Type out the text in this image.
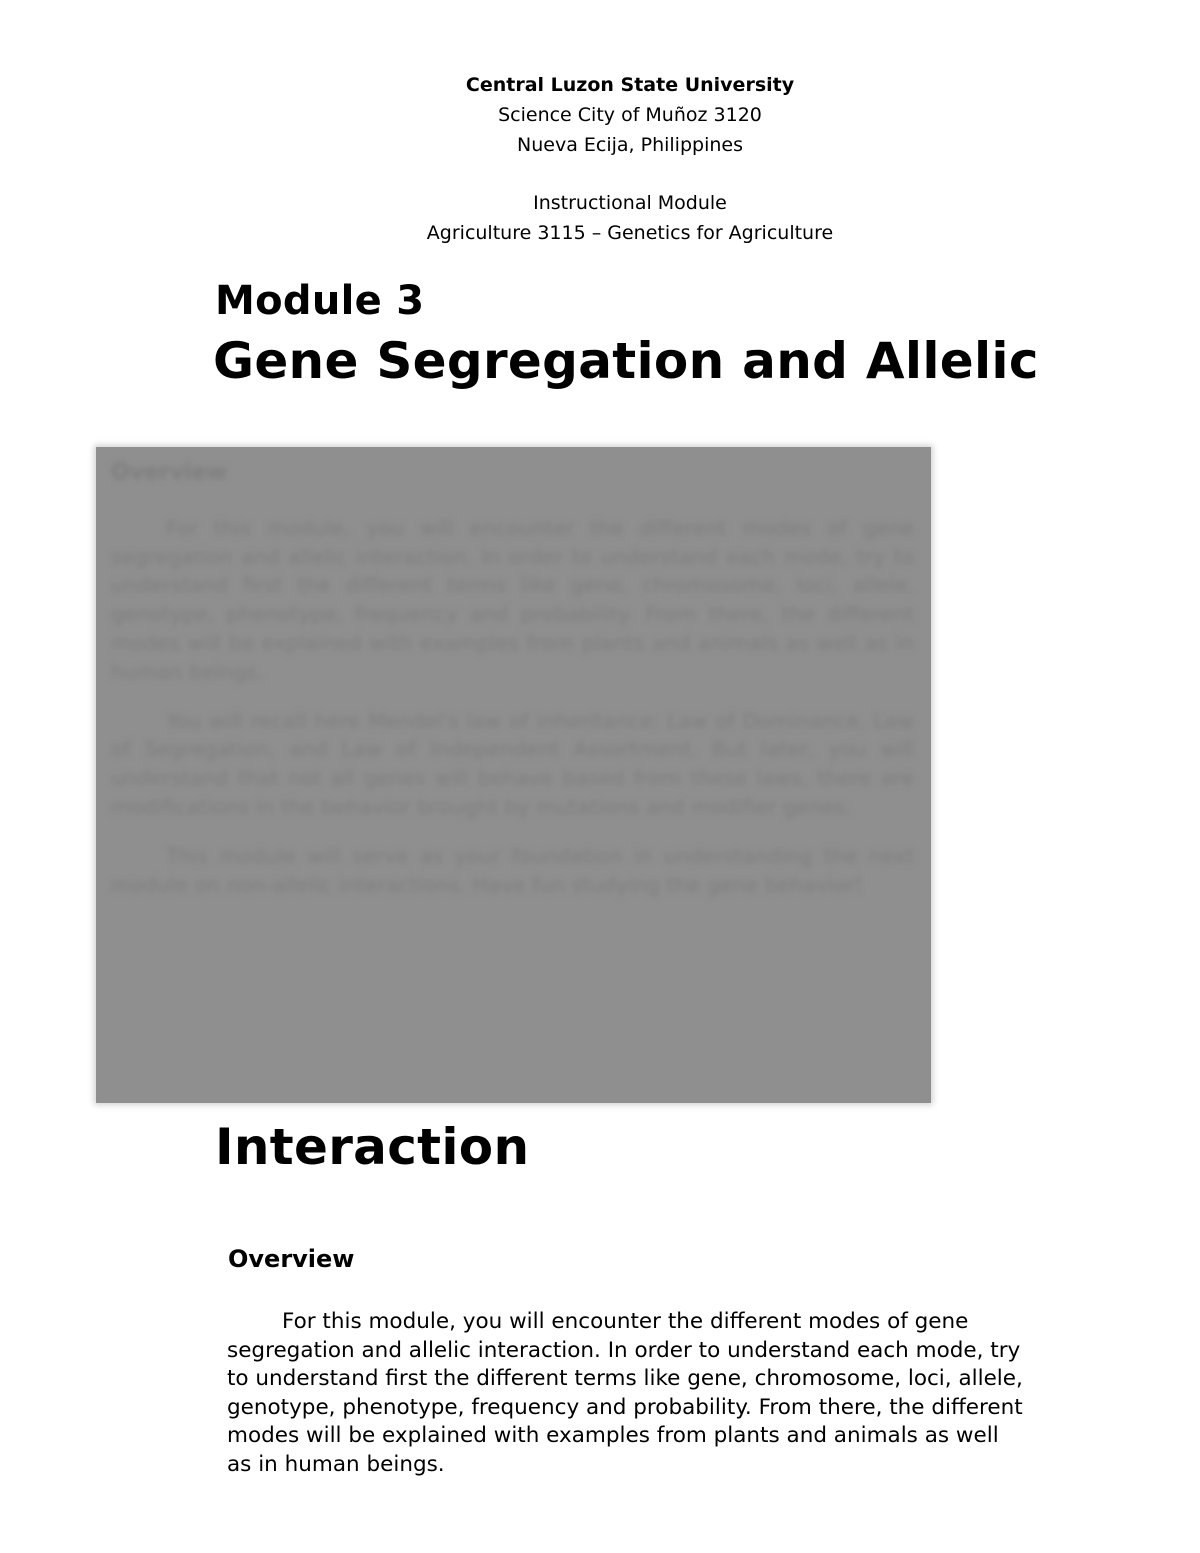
Central Luzon State University
Science City of Muñoz 3120
Nueva Ecija, Philippines
Instructional Module
Agriculture 3115 – Genetics for Agriculture
Module 3
Gene Segregation and Allelic
Overview

For this module, you will encounter the different modes of gene segregation and allelic interaction. In order to understand each mode, try to understand first the different terms like gene, chromosome, loci, allele, genotype, phenotype, frequency and probability. From there, the different modes will be explained with examples from plants and animals as well as in human beings.

You will recall here Mendel's law of inheritance: Law of Dominance, Law of Segregation, and Law of Independent Assortment. But later, you will understand that not all genes will behave based from these laws, there are modifications in the behavior brought by mutations and modifier genes.

This module will serve as your foundation in understanding the next module on non-allelic interactions. Have fun studying the gene behavior!

Interaction
Overview

For this module, you will encounter the different modes of gene segregation and allelic interaction. In order to understand each mode, try to understand first the different terms like gene, chromosome, loci, allele, genotype, phenotype, frequency and probability. From there, the different modes will be explained with examples from plants and animals as well as in human beings.
